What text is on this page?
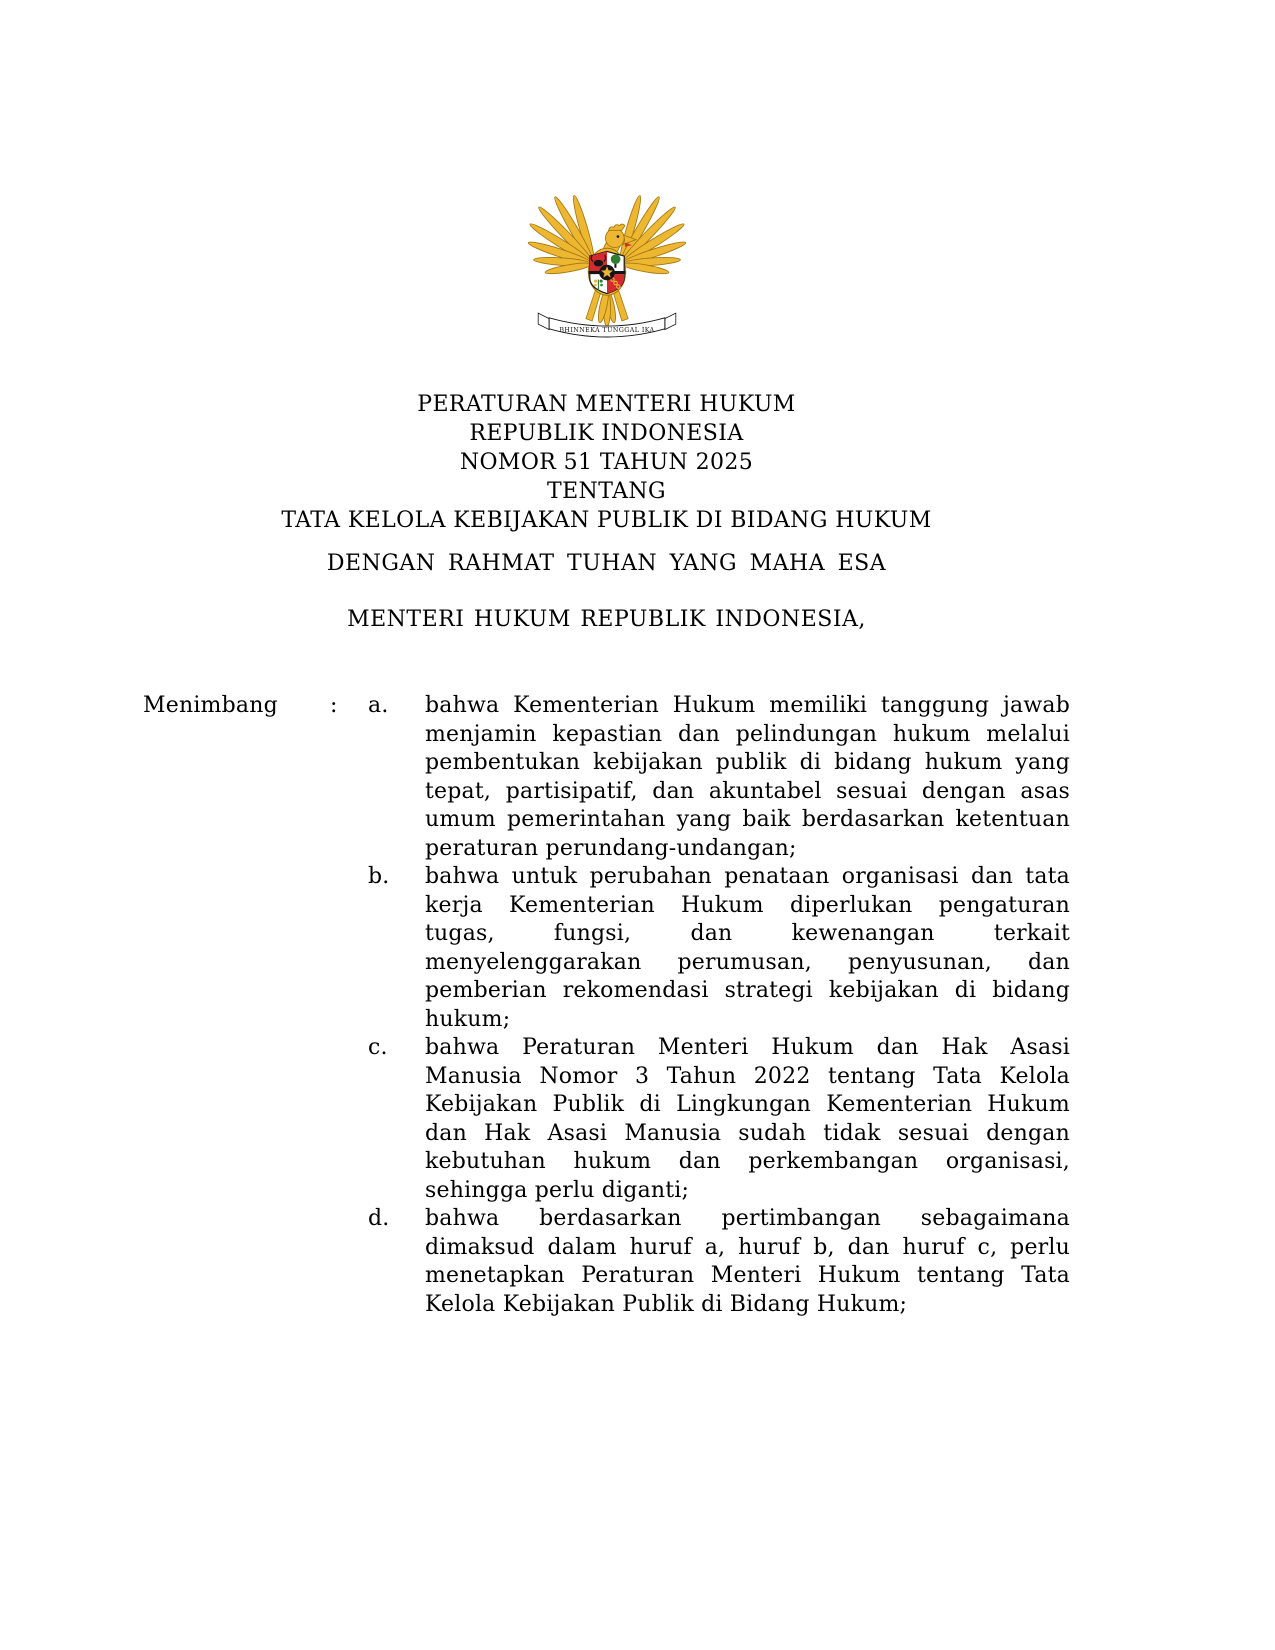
BHINNEKA TUNGGAL IKA
PERATURAN MENTERI HUKUM
REPUBLIK INDONESIA
NOMOR 51 TAHUN 2025
TENTANG
TATA KELOLA KEBIJAKAN PUBLIK DI BIDANG HUKUM
DENGAN RAHMAT TUHAN YANG MAHA ESA
MENTERI HUKUM REPUBLIK INDONESIA,
Menimbang	:	a.	bahwa Kementerian Hukum memiliki tanggung jawab menjamin kepastian dan pelindungan hukum melalui pembentukan kebijakan publik di bidang hukum yang tepat, partisipatif, dan akuntabel sesuai dengan asas umum pemerintahan yang baik berdasarkan ketentuan peraturan perundang-undangan;
b.	bahwa untuk perubahan penataan organisasi dan tata kerja Kementerian Hukum diperlukan pengaturan tugas, fungsi, dan kewenangan terkait menyelenggarakan perumusan, penyusunan, dan pemberian rekomendasi strategi kebijakan di bidang hukum;
c.	bahwa Peraturan Menteri Hukum dan Hak Asasi Manusia Nomor 3 Tahun 2022 tentang Tata Kelola Kebijakan Publik di Lingkungan Kementerian Hukum dan Hak Asasi Manusia sudah tidak sesuai dengan kebutuhan hukum dan perkembangan organisasi, sehingga perlu diganti;
d.	bahwa berdasarkan pertimbangan sebagaimana dimaksud dalam huruf a, huruf b, dan huruf c, perlu menetapkan Peraturan Menteri Hukum tentang Tata Kelola Kebijakan Publik di Bidang Hukum;
